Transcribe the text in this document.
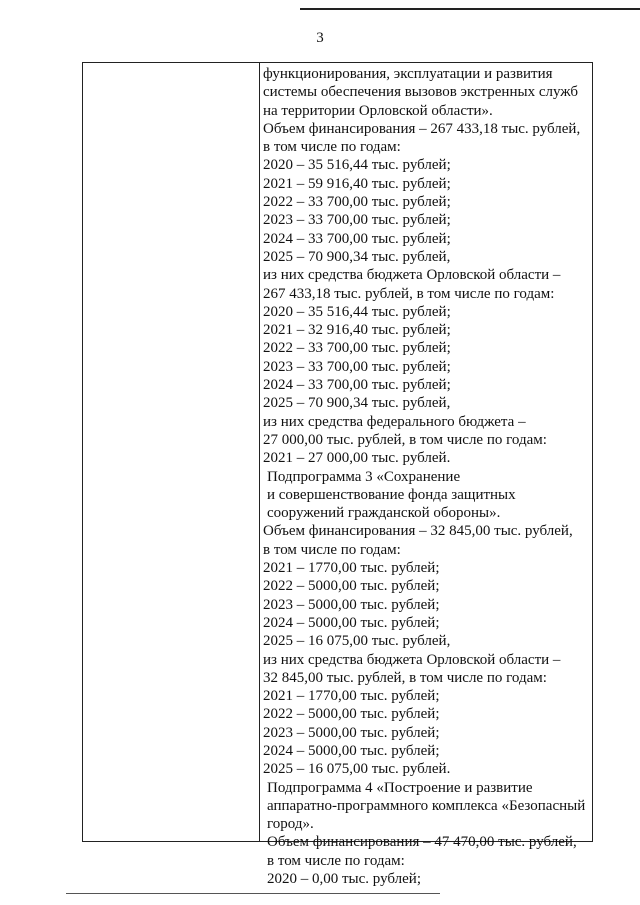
3
функционирования, эксплуатации и развития
системы обеспечения вызовов экстренных служб
на территории Орловской области».
Объем финансирования – 267 433,18 тыс. рублей,
в том числе по годам:
2020 – 35 516,44 тыс. рублей;
2021 – 59 916,40 тыс. рублей;
2022 – 33 700,00 тыс. рублей;
2023 – 33 700,00 тыс. рублей;
2024 – 33 700,00 тыс. рублей;
2025 – 70 900,34 тыс. рублей,
из них средства бюджета Орловской области –
267 433,18 тыс. рублей, в том числе по годам:
2020 – 35 516,44 тыс. рублей;
2021 – 32 916,40 тыс. рублей;
2022 – 33 700,00 тыс. рублей;
2023 – 33 700,00 тыс. рублей;
2024 – 33 700,00 тыс. рублей;
2025 – 70 900,34 тыс. рублей,
из них средства федерального бюджета –
27 000,00 тыс. рублей, в том числе по годам:
2021 – 27 000,00 тыс. рублей.
Подпрограмма 3 «Сохранение
и совершенствование фонда защитных
сооружений гражданской обороны».
Объем финансирования – 32 845,00 тыс. рублей,
в том числе по годам:
2021 – 1770,00 тыс. рублей;
2022 – 5000,00 тыс. рублей;
2023 – 5000,00 тыс. рублей;
2024 – 5000,00 тыс. рублей;
2025 – 16 075,00 тыс. рублей,
из них средства бюджета Орловской области –
32 845,00 тыс. рублей, в том числе по годам:
2021 – 1770,00 тыс. рублей;
2022 – 5000,00 тыс. рублей;
2023 – 5000,00 тыс. рублей;
2024 – 5000,00 тыс. рублей;
2025 – 16 075,00 тыс. рублей.
Подпрограмма 4 «Построение и развитие
аппаратно-программного комплекса «Безопасный
город».
Объем финансирования – 47 470,00 тыс. рублей,
в том числе по годам:
2020 – 0,00 тыс. рублей;
